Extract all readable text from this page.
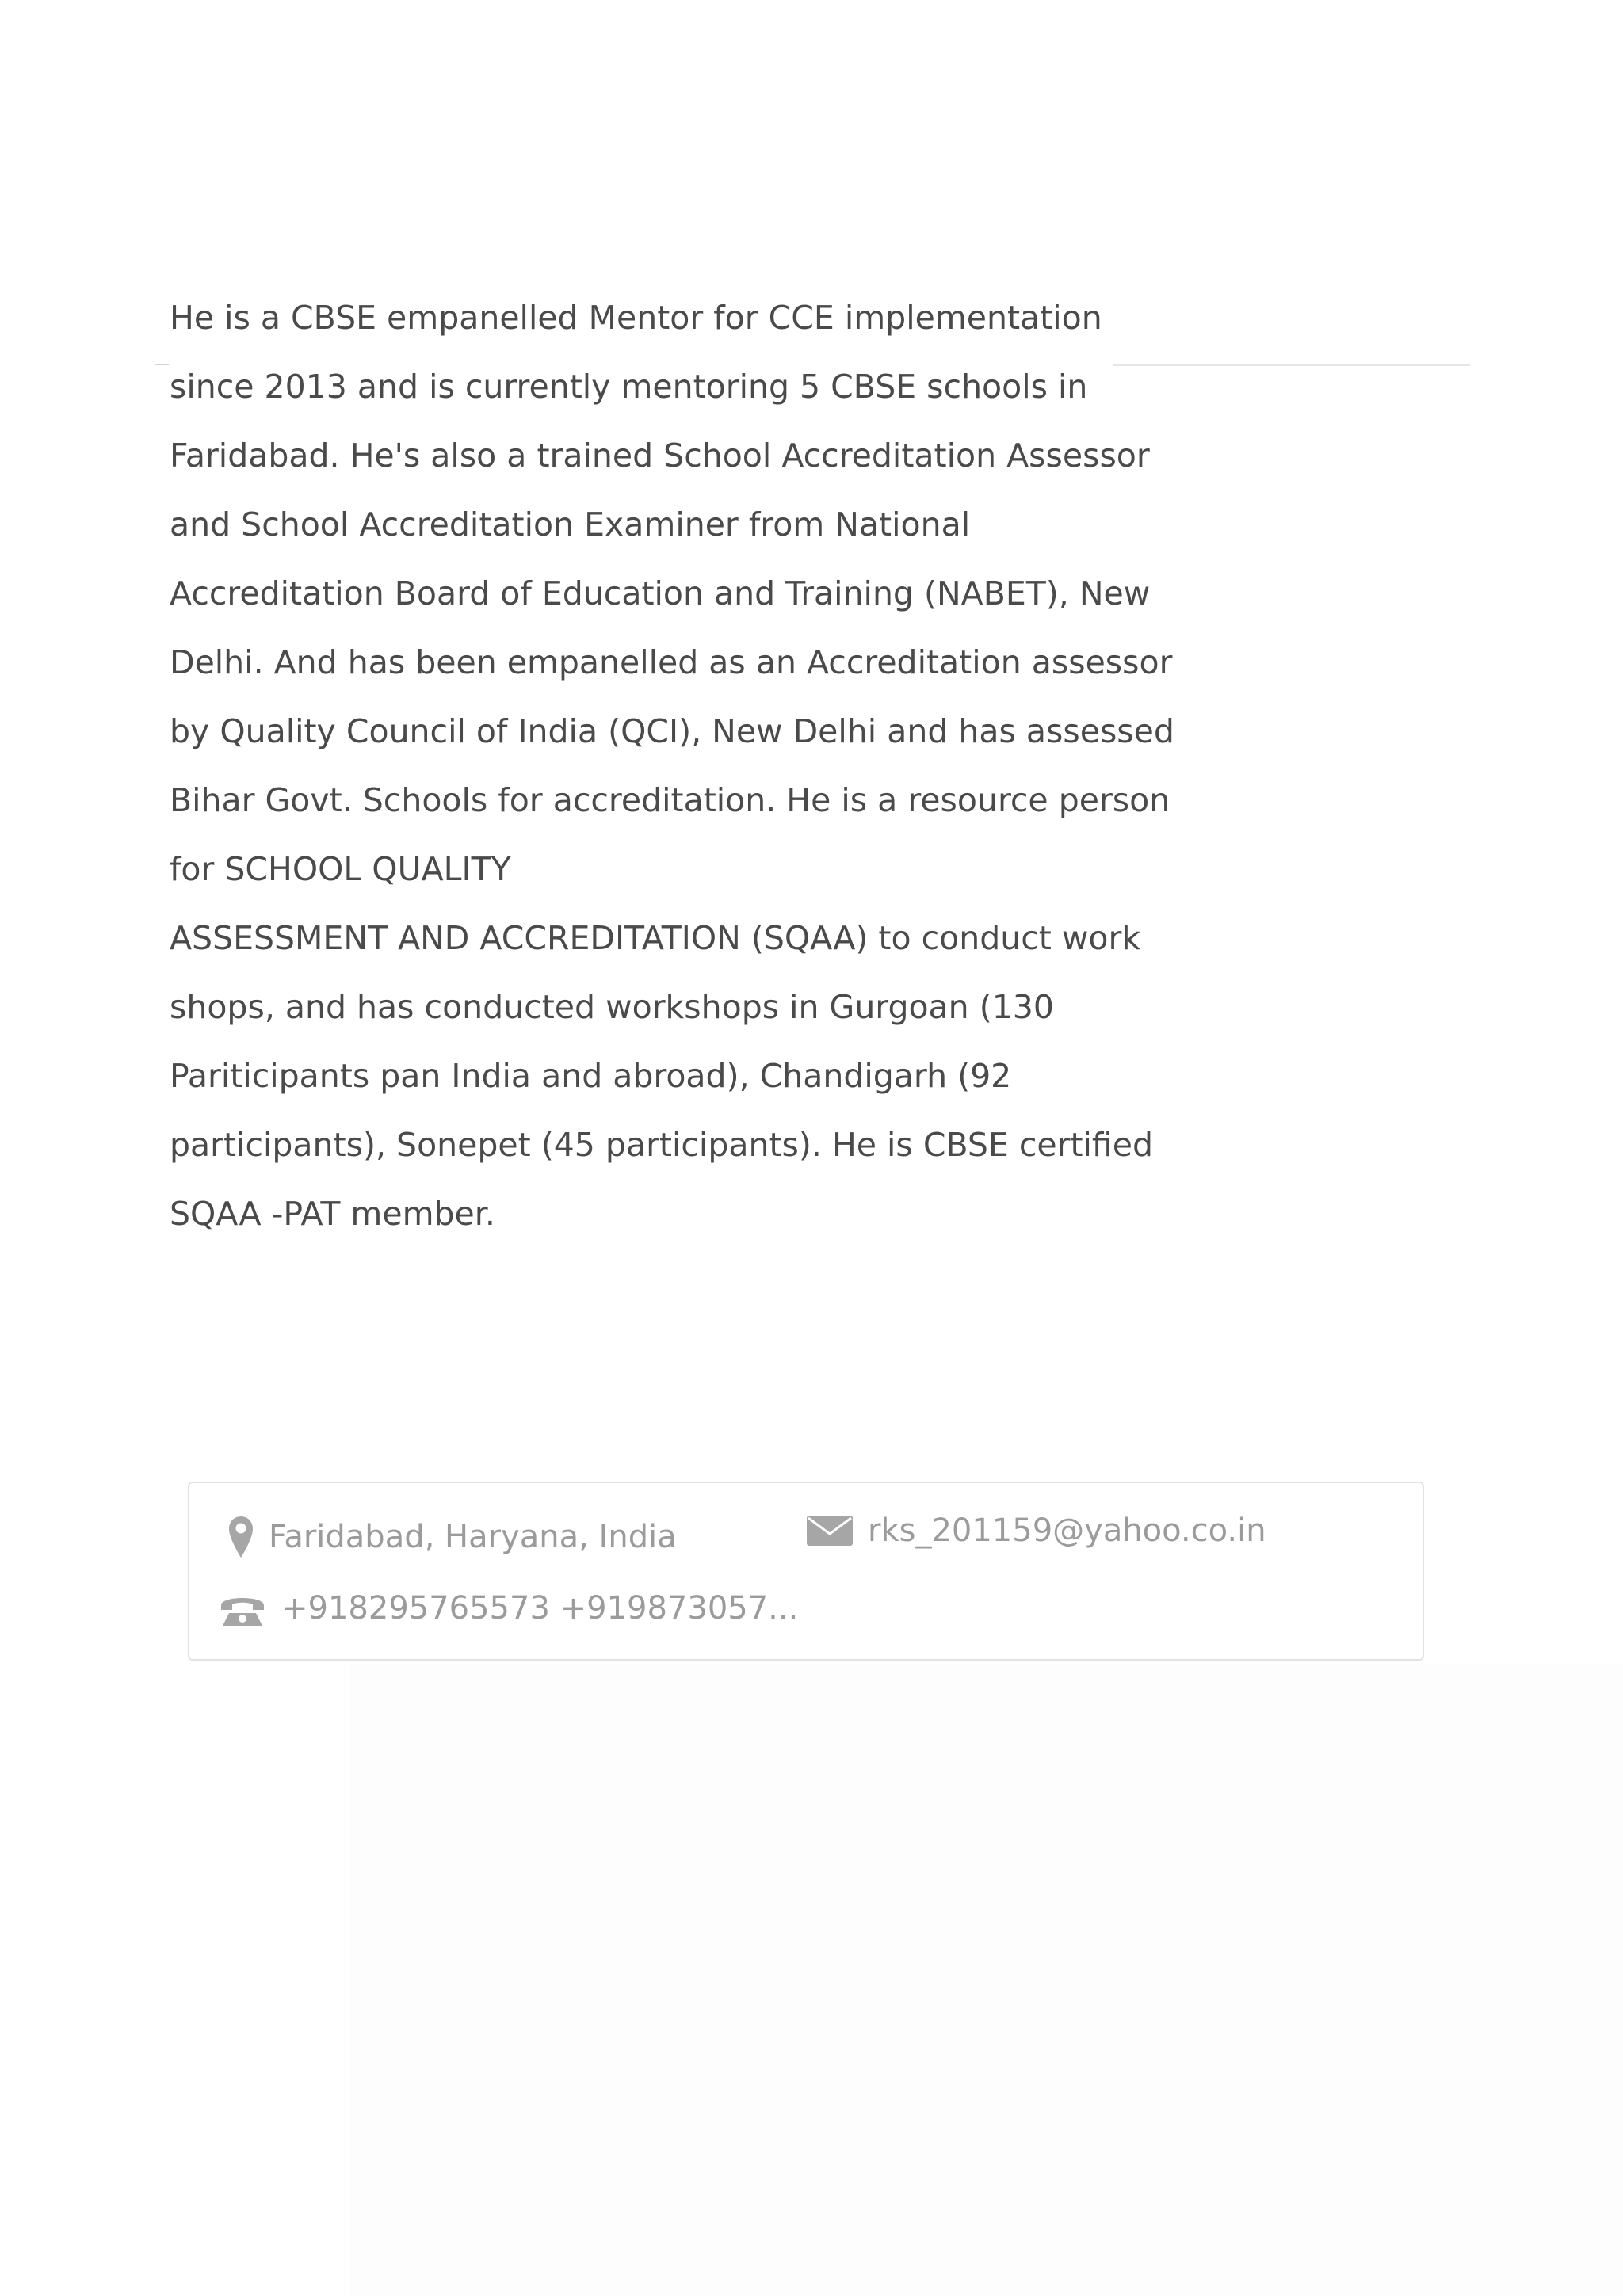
He is a CBSE empanelled Mentor for CCE implementation
since 2013 and is currently mentoring 5 CBSE schools in
Faridabad. He's also a trained School Accreditation Assessor
and School Accreditation Examiner from National
Accreditation Board of Education and Training (NABET), New
Delhi. And has been empanelled as an Accreditation assessor
by Quality Council of India (QCI), New Delhi and has assessed
Bihar Govt. Schools for accreditation. He is a resource person
for SCHOOL QUALITY
ASSESSMENT AND ACCREDITATION (SQAA) to conduct work
shops, and has conducted workshops in Gurgoan (130
Pariticipants pan India and abroad), Chandigarh (92
participants), Sonepet (45 participants). He is CBSE certified
SQAA -PAT member.
Faridabad, Haryana, India	rks_201159@yahoo.co.in
+918295765573 +919873057...
